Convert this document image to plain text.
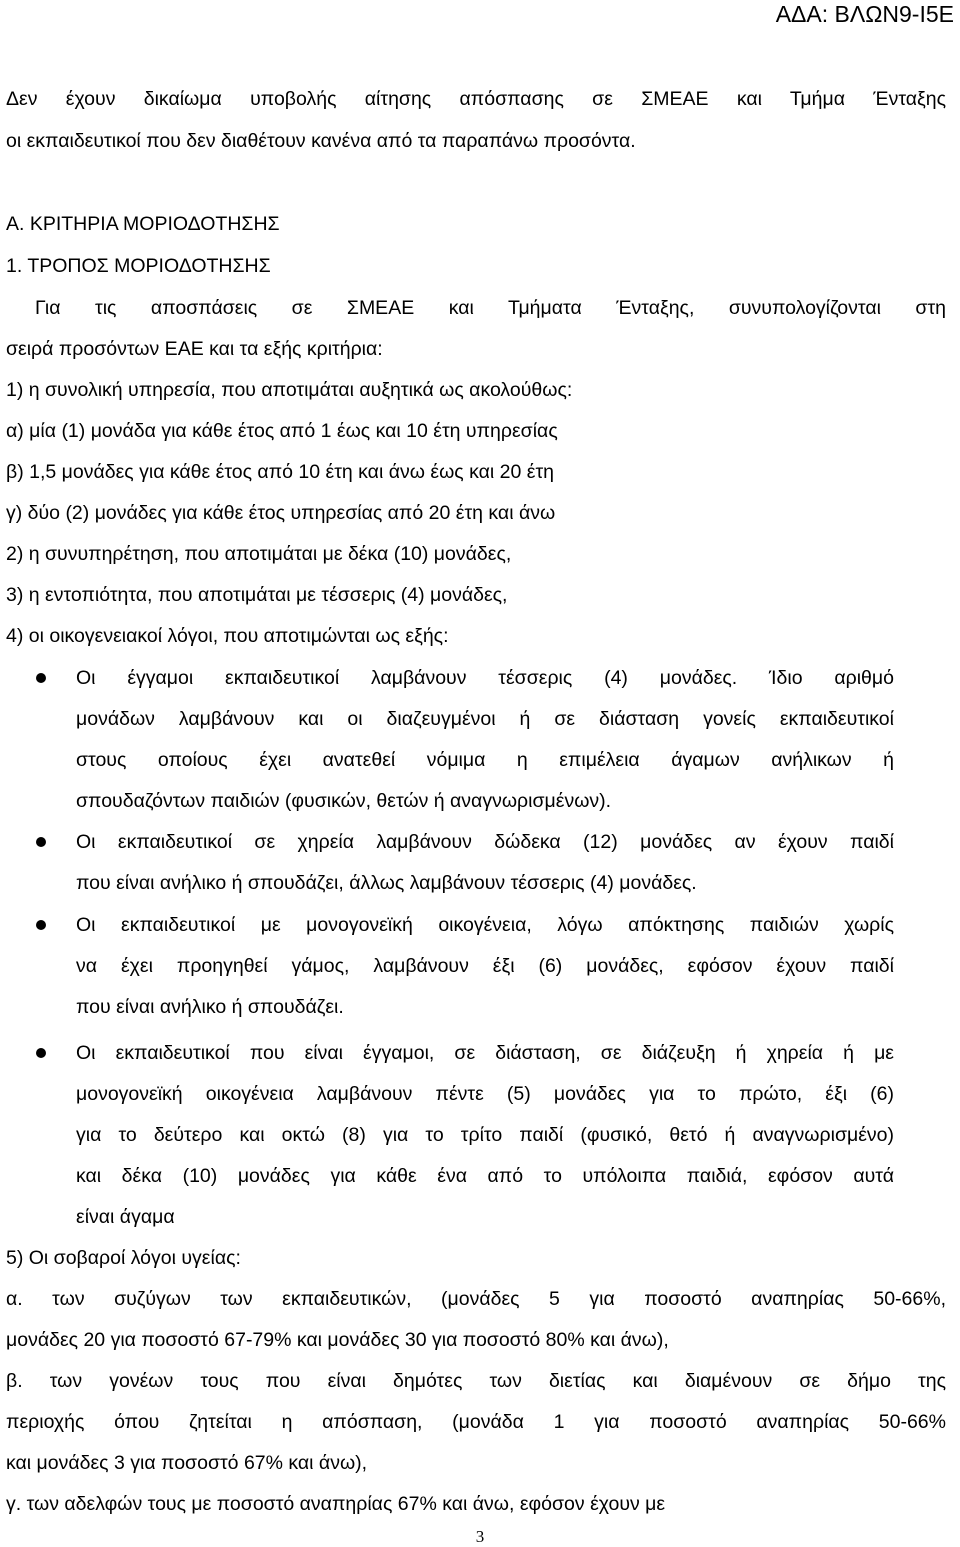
ΑΔΑ: ΒΛΩΝ9-Ι5Ε
Δεν έχουν δικαίωμα υποβολής αίτησης απόσπασης σε ΣΜΕΑΕ και Τμήμα Ένταξης
οι εκπαιδευτικοί που δεν διαθέτουν κανένα από τα παραπάνω προσόντα.
Α. ΚΡΙΤΗΡΙΑ ΜΟΡΙΟΔΟΤΗΣΗΣ
1. ΤΡΟΠΟΣ ΜΟΡΙΟΔΟΤΗΣΗΣ
Για τις αποσπάσεις σε ΣΜΕΑΕ και Τμήματα Ένταξης, συνυπολογίζονται στη
σειρά προσόντων ΕΑΕ και τα εξής κριτήρια:
1) η συνολική υπηρεσία, που αποτιμάται αυξητικά ως ακολούθως:
α) μία (1) μονάδα για κάθε έτος από 1 έως και 10 έτη υπηρεσίας
β) 1,5 μονάδες για κάθε έτος από 10 έτη και άνω έως και 20 έτη
γ) δύο (2) μονάδες για κάθε έτος υπηρεσίας από 20 έτη και άνω
2) η συνυπηρέτηση, που αποτιμάται με δέκα (10) μονάδες,
3) η εντοπιότητα, που αποτιμάται με τέσσερις (4) μονάδες,
4) οι οικογενειακοί λόγοι, που αποτιμώνται ως εξής:
Οι έγγαμοι εκπαιδευτικοί λαμβάνουν τέσσερις (4) μονάδες. Ίδιο αριθμό
μονάδων λαμβάνουν και οι διαζευγμένοι ή σε διάσταση γονείς εκπαιδευτικοί
στους οποίους έχει ανατεθεί νόμιμα η επιμέλεια άγαμων ανήλικων ή
σπουδαζόντων παιδιών (φυσικών, θετών ή αναγνωρισμένων).
Οι εκπαιδευτικοί σε χηρεία λαμβάνουν δώδεκα (12) μονάδες αν έχουν παιδί
που είναι ανήλικο ή σπουδάζει, άλλως λαμβάνουν τέσσερις (4) μονάδες.
Οι εκπαιδευτικοί με μονογονεϊκή οικογένεια, λόγω απόκτησης παιδιών χωρίς
να έχει προηγηθεί γάμος, λαμβάνουν έξι (6) μονάδες, εφόσον έχουν παιδί
που είναι ανήλικο ή σπουδάζει.
Οι εκπαιδευτικοί που είναι έγγαμοι, σε διάσταση, σε διάζευξη ή χηρεία ή με
μονογονεϊκή οικογένεια λαμβάνουν πέντε (5) μονάδες για το πρώτο, έξι (6)
για το δεύτερο και οκτώ (8) για το τρίτο παιδί (φυσικό, θετό ή αναγνωρισμένο)
και δέκα (10) μονάδες για κάθε ένα από το υπόλοιπα παιδιά, εφόσον αυτά
είναι άγαμα
5) Οι σοβαροί λόγοι υγείας:
α. των συζύγων των εκπαιδευτικών, (μονάδες 5 για ποσοστό αναπηρίας 50-66%,
μονάδες 20 για ποσοστό 67-79% και μονάδες 30 για ποσοστό 80% και άνω),
β. των γονέων τους που είναι δημότες των διετίας και διαμένουν σε δήμο της
περιοχής όπου ζητείται η απόσπαση, (μονάδα 1 για ποσοστό αναπηρίας 50-66%
και μονάδες 3 για ποσοστό 67% και άνω),
γ. των αδελφών τους με ποσοστό αναπηρίας 67% και άνω, εφόσον έχουν με
3
